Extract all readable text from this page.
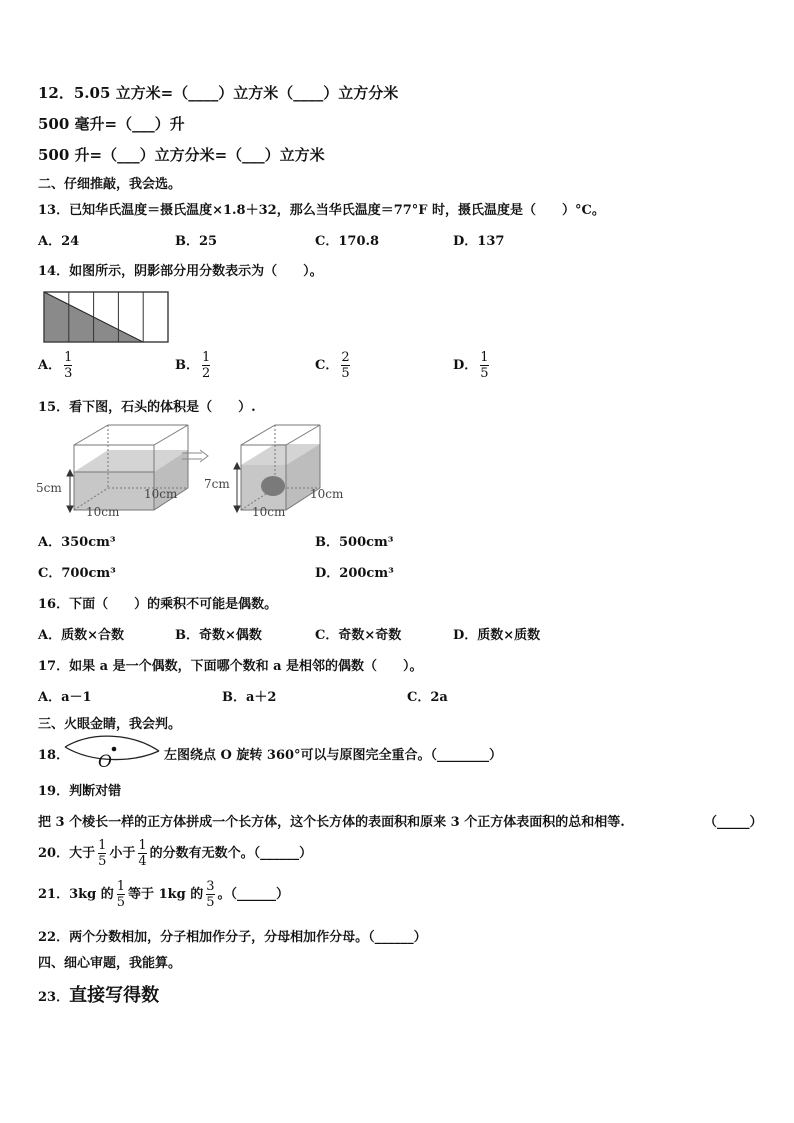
12．5.05 立方米=（____）立方米（____）立方分米
500 毫升=（___）升
500 升=（___）立方分米=（___）立方米
二、仔细推敲，我会选。
13．已知华氏温度＝摄氏温度×1.8＋32，那么当华氏温度＝77°F 时，摄氏温度是（　　）°C。
A．24	B．25	C．170.8	D．137
14．如图所示，阴影部分用分数表示为（　　）。
A． $\frac{1}{3}$	B． $\frac{1}{2}$	C． $\frac{2}{5}$	D． $\frac{1}{5}$
15．看下图，石头的体积是（　　）.
5cm	10cm
10cm
7cm
10cm
10cm
A．350cm³	B．500cm³
C．700cm³	D．200cm³
16．下面（　　）的乘积不可能是偶数。
A．质数×合数	B．奇数×偶数	C．奇数×奇数	D．质数×质数
17．如果 a 是一个偶数，下面哪个数和 a 是相邻的偶数（　　）。
A．a－1	B．a＋2	C．2a
三、火眼金睛，我会判。
18． O	左图绕点 O 旋转 360°可以与原图完全重合。（________）
19．判断对错
把 3 个棱长一样的正方体拼成一个长方体，这个长方体的表面积和原来 3 个正方体表面积的总和相等.	（_____）
20．大于 $\frac{1}{5}$ 小于 $\frac{1}{4}$ 的分数有无数个。（______）
21．3kg 的 $\frac{1}{5}$ 等于 1kg 的 $\frac{3}{5}$ 。（______）
22．两个分数相加，分子相加作分子，分母相加作分母。（______）
四、细心审题，我能算。
23．直接写得数
